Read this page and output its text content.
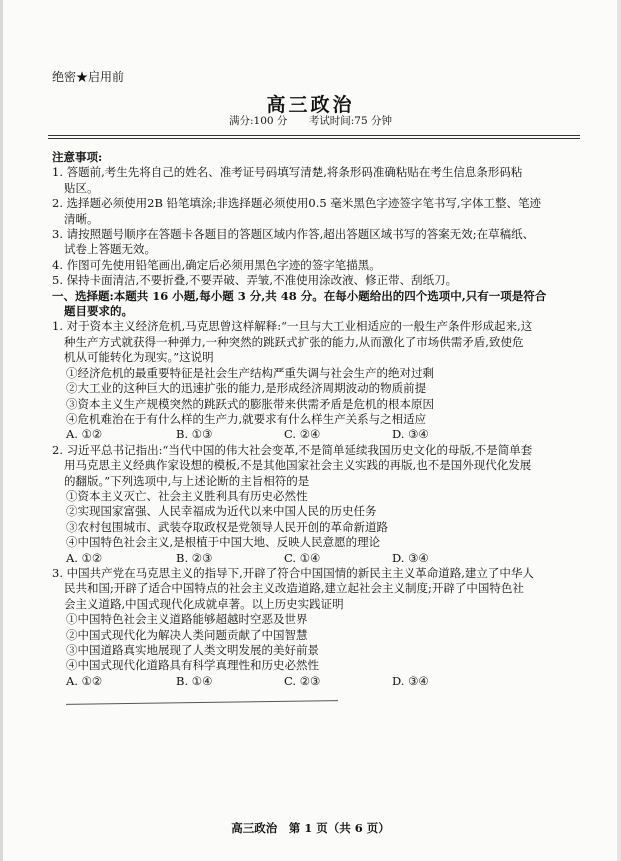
绝密★启用前
高三政治
满分:100 分 考试时间:75 分钟
注意事项:
1. 答题前,考生先将自己的姓名、准考证号码填写清楚,将条形码准确粘贴在考生信息条形码粘
贴区。
2. 选择题必须使用2B 铅笔填涂;非选择题必须使用0.5 毫米黑色字迹签字笔书写,字体工整、笔迹
清晰。
3. 请按照题号顺序在答题卡各题目的答题区域内作答,超出答题区域书写的答案无效;在草稿纸、
试卷上答题无效。
4. 作图可先使用铅笔画出,确定后必须用黑色字迹的签字笔描黑。
5. 保持卡面清洁,不要折叠,不要弄破、弄皱,不准使用涂改液、修正带、刮纸刀。
一、选择题:本题共 16 小题,每小题 3 分,共 48 分。在每小题给出的四个选项中,只有一项是符合
题目要求的。
1. 对于资本主义经济危机,马克思曾这样解释:“一旦与大工业相适应的一般生产条件形成起来,这
种生产方式就获得一种弹力,一种突然的跳跃式扩张的能力,从而激化了市场供需矛盾,致使危
机从可能转化为现实。”这说明
①经济危机的最重要特征是社会生产结构严重失调与社会生产的绝对过剩
②大工业的这种巨大的迅速扩张的能力,是形成经济周期波动的物质前提
③资本主义生产规模突然的跳跃式的膨胀带来供需矛盾是危机的根本原因
④危机难治在于有什么样的生产力,就要求有什么样生产关系与之相适应
A. ①②	B. ①③	C. ②④	D. ③④
2. 习近平总书记指出:“当代中国的伟大社会变革,不是简单延续我国历史文化的母版,不是简单套
用马克思主义经典作家设想的模板,不是其他国家社会主义实践的再版,也不是国外现代化发展
的翻版。”下列选项中,与上述论断的主旨相符的是
①资本主义灭亡、社会主义胜利具有历史必然性
②实现国家富强、人民幸福成为近代以来中国人民的历史任务
③农村包围城市、武装夺取政权是党领导人民开创的革命新道路
④中国特色社会主义,是根植于中国大地、反映人民意愿的理论
A. ①②	B. ②③	C. ①④	D. ③④
3. 中国共产党在马克思主义的指导下,开辟了符合中国国情的新民主主义革命道路,建立了中华人
民共和国;开辟了适合中国特点的社会主义改造道路,建立起社会主义制度;开辟了中国特色社
会主义道路,中国式现代化成就卓著。以上历史实践证明
①中国特色社会主义道路能够超越时空恶及世界
②中国式现代化为解决人类问题贡献了中国智慧
③中国道路真实地展现了人类文明发展的美好前景
④中国式现代化道路具有科学真理性和历史必然性
A. ①②	B. ①④	C. ②③	D. ③④
高三政治　第 1 页（共 6 页）
